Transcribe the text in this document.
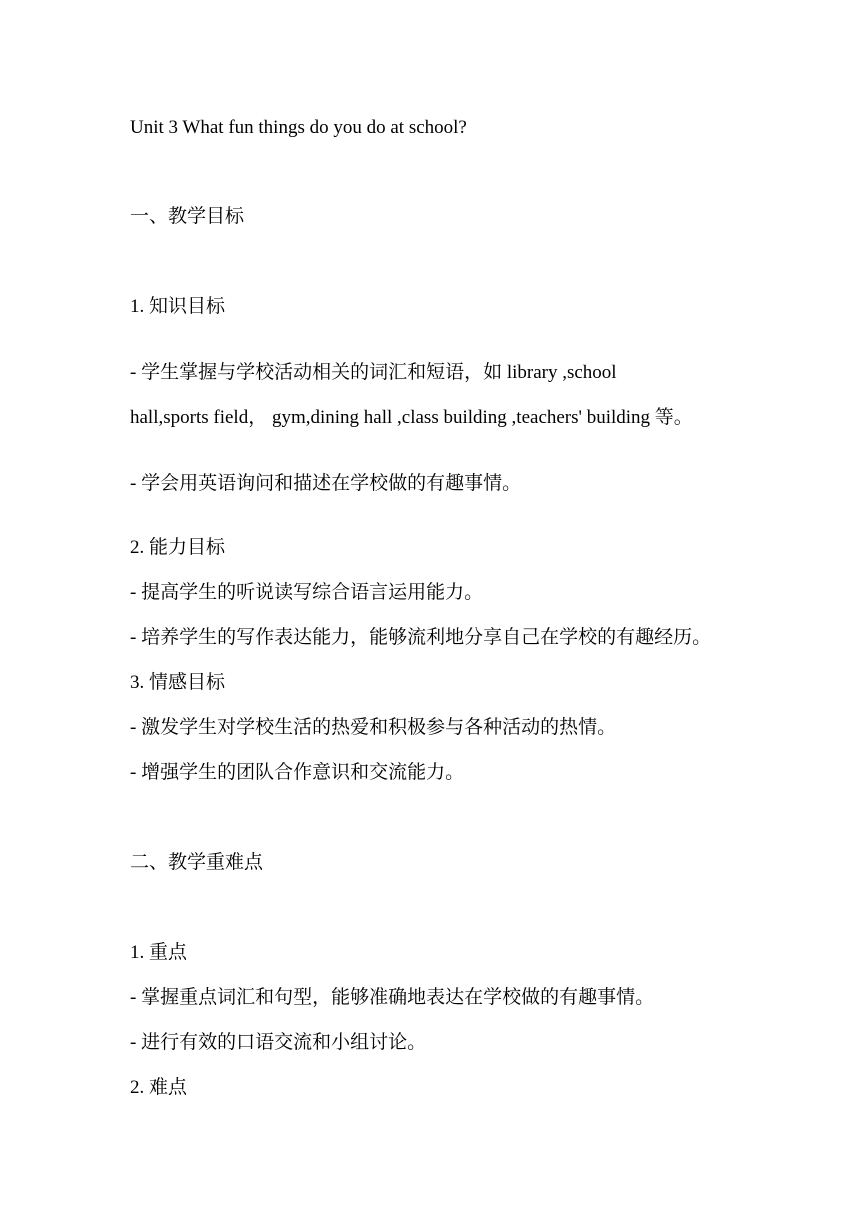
Unit 3 What fun things do you do at school?
一、教学目标
1. 知识目标
- 学生掌握与学校活动相关的词汇和短语，如 library ,school
hall,sports field， gym,dining hall ,class building ,teachers' building 等。
- 学会用英语询问和描述在学校做的有趣事情。
2. 能力目标
- 提高学生的听说读写综合语言运用能力。
- 培养学生的写作表达能力，能够流利地分享自己在学校的有趣经历。
3. 情感目标
- 激发学生对学校生活的热爱和积极参与各种活动的热情。
- 增强学生的团队合作意识和交流能力。
二、教学重难点
1. 重点
- 掌握重点词汇和句型，能够准确地表达在学校做的有趣事情。
- 进行有效的口语交流和小组讨论。
2. 难点
